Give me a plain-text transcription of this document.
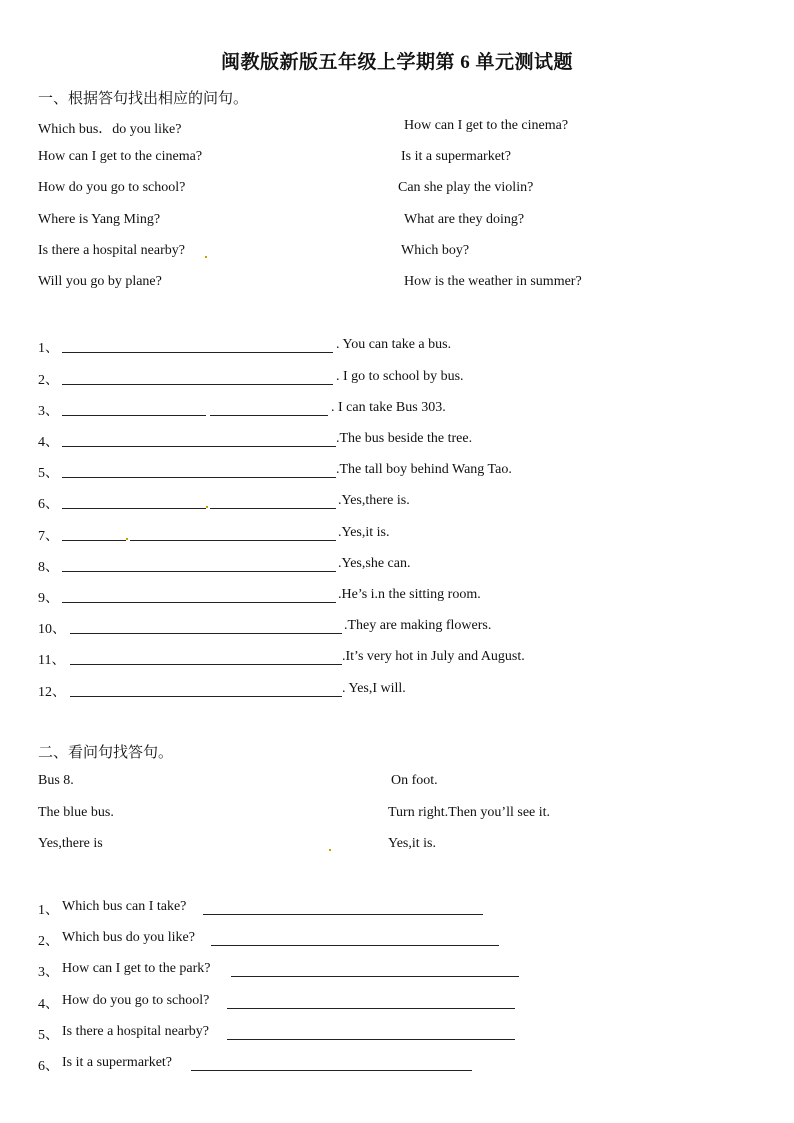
闽教版新版五年级上学期第 6 单元测试题
一、根据答句找出相应的问句。
Which bus．do you like?
How can I get to the cinema?
How do you go to school?
Where is Yang Ming?
Is there a hospital nearby?
Will you go by plane?
How can I get to the cinema?
Is it a supermarket?
Can she play the violin?
What are they doing?
Which boy?
How is the weather in summer?
1、	. You can take a bus.
2、	. I go to school by bus.
3、	. I can take Bus 303.
4、	.The bus beside the tree.
5、	.The tall boy behind Wang Tao.
6、	.Yes,there is.
7、	.Yes,it is.
8、	.Yes,she can.
9、	.He’s i.n the sitting room.
10、	.They are making flowers.
11、	.It’s very hot in July and August.
12、	. Yes,I will.
二、看问句找答句。
Bus 8.
The blue bus.
Yes,there is
On foot.
Turn right.Then you’ll see it.
Yes,it is.
1、 Which bus can I take?
2、 Which bus do you like?
3、 How can I get to the park?
4、 How do you go to school?
5、 Is there a hospital nearby?
6、 Is it a supermarket?
